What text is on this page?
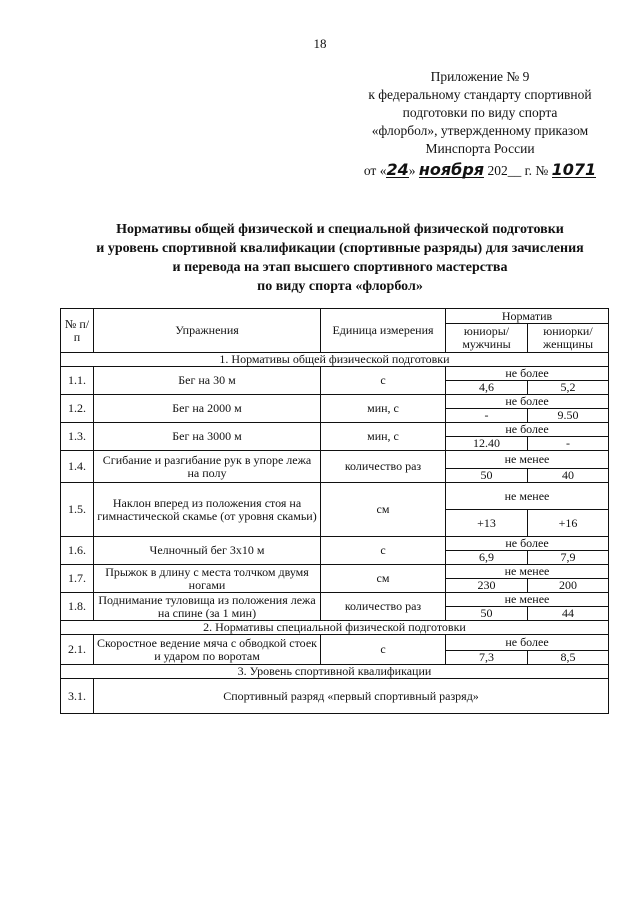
18
Приложение № 9
к федеральному стандарту спортивной
подготовки по виду спорта
«флорбол», утвержденному приказом
Минспорта России
от «24» ноября 202__ г. № 1071
Нормативы общей физической и специальной физической подготовки
и уровень спортивной квалификации (спортивные разряды) для зачисления
и перевода на этап высшего спортивного мастерства
по виду спорта «флорбол»
№ п/п	Упражнения	Единица измерения	Норматив	
			юниоры/ мужчины	юниорки/ женщины
1. Нормативы общей физической подготовки				
1.1.	Бег на 30 м	с	не более	
			4,6	5,2
1.2.	Бег на 2000 м	мин, с	не более	
			-	9.50
1.3.	Бег на 3000 м	мин, с	не более	
			12.40	-
1.4.	Сгибание и разгибание рук в упоре лежа на полу	количество раз	не менее	
			50	40
1.5.	Наклон вперед из положения стоя на гимнастической скамье (от уровня скамьи)	см	не менее	
			+13	+16
1.6.	Челночный бег 3х10 м	с	не более	
			6,9	7,9
1.7.	Прыжок в длину с места толчком двумя ногами	см	не менее	
			230	200
1.8.	Поднимание туловища из положения лежа на спине (за 1 мин)	количество раз	не менее	
			50	44
2. Нормативы специальной физической подготовки				
2.1.	Скоростное ведение мяча с обводкой стоек и ударом по воротам	с	не более	
			7,3	8,5
3. Уровень спортивной квалификации				
3.1.	Спортивный разряд «первый спортивный разряд»			
